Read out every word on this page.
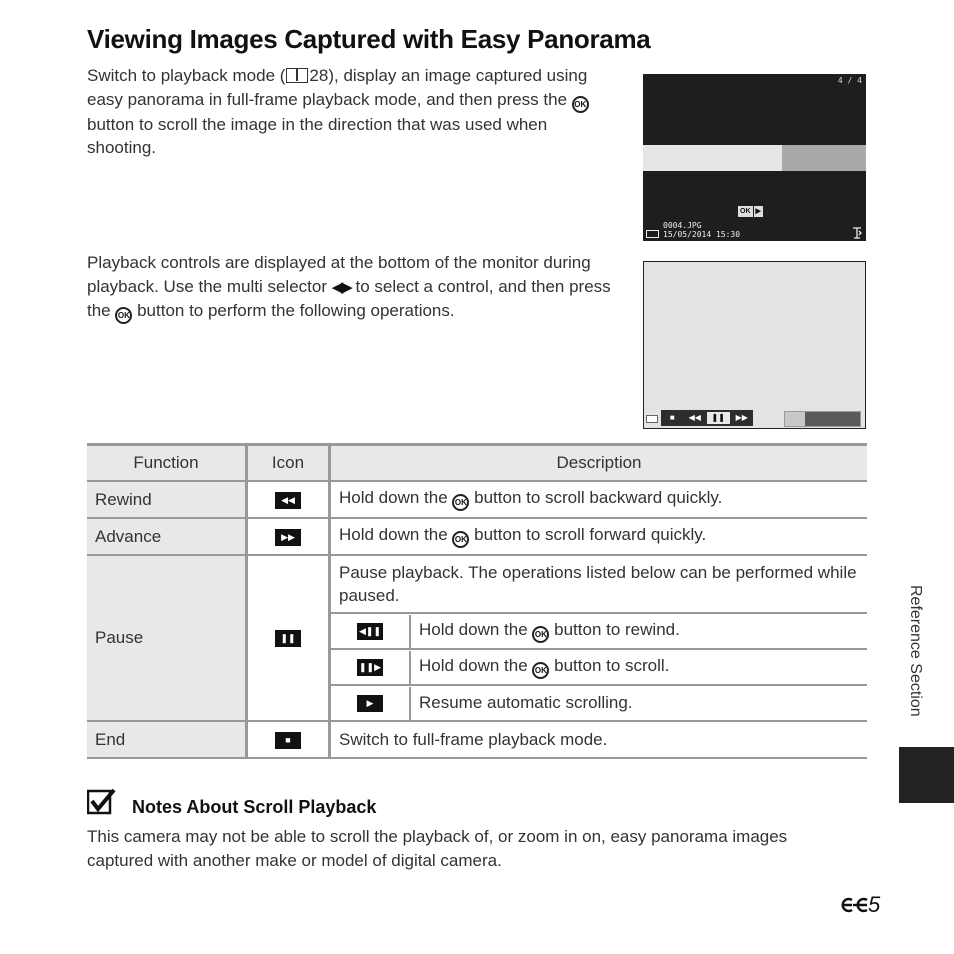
Viewing Images Captured with Easy Panorama

Switch to playback mode ( 28), display an image captured using easy panorama in full-frame playback mode, and then press the OK button to scroll the image in the direction that was used when shooting.

4 / 4
OK ▶
0004.JPG
15/05/2014 15:30

Playback controls are displayed at the bottom of the monitor during playback. Use the multi selector ◀▶ to select a control, and then press the OK button to perform the following operations.

■	◀◀	❚❚	▶▶
Function	Icon	Description
Rewind	◀◀	Hold down the OK button to scroll backward quickly.
Advance	▶▶	Hold down the OK button to scroll forward quickly.
Pause	❚❚	Pause playback. The operations listed below can be performed while paused.

◀❚❚	Hold down the OK button to rewind.

❚❚▶	Hold down the OK button to scroll.

▶	Resume automatic scrolling.

End	■	Switch to full-frame playback mode.
Notes About Scroll Playback

This camera may not be able to scroll the playback of, or zoom in on, easy panorama images captured with another make or model of digital camera.

Reference Section
5
